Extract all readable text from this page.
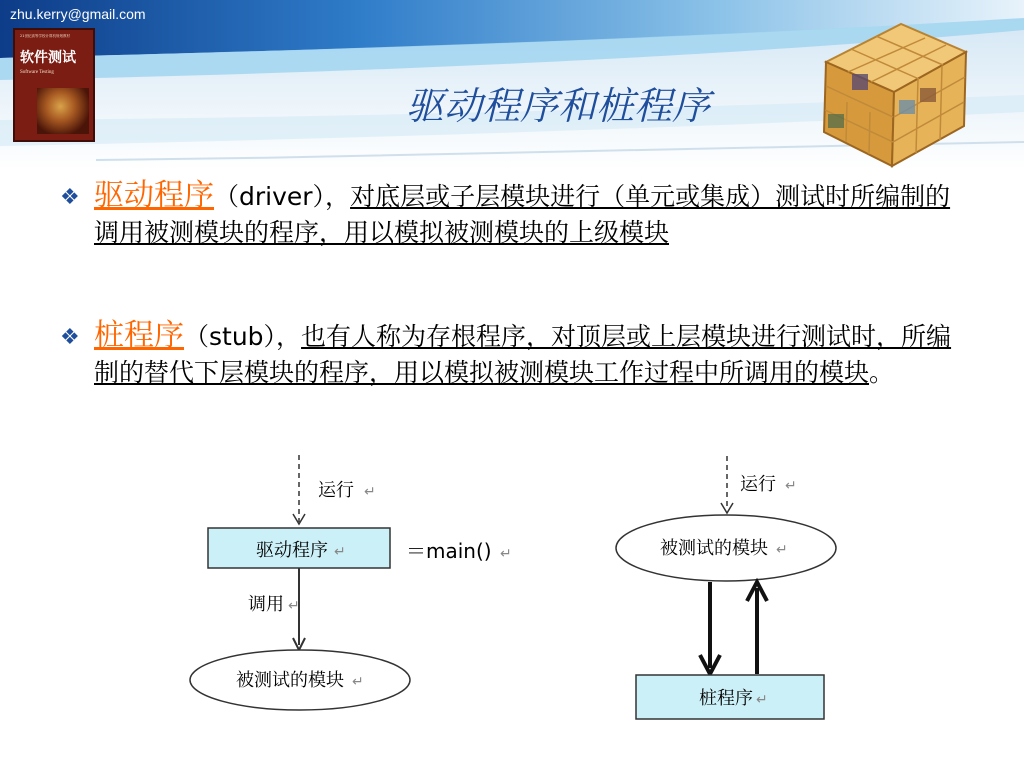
zhu.kerry@gmail.com
21世纪高等学校计算机规划教材
软件测试
Software Testing
驱动程序和桩程序
❖ 驱动程序（driver），对底层或子层模块进行（单元或集成）测试时所编制的调用被测模块的程序，用以模拟被测模块的上级模块
❖ 桩程序（stub），也有人称为存根程序，对顶层或上层模块进行测试时，所编制的替代下层模块的程序，用以模拟被测模块工作过程中所调用的模块。
运行 ↵
驱动程序 ↵	＝main() ↵
调用 ↵
被测试的模块 ↵
运行 ↵
被测试的模块 ↵
桩程序 ↵
